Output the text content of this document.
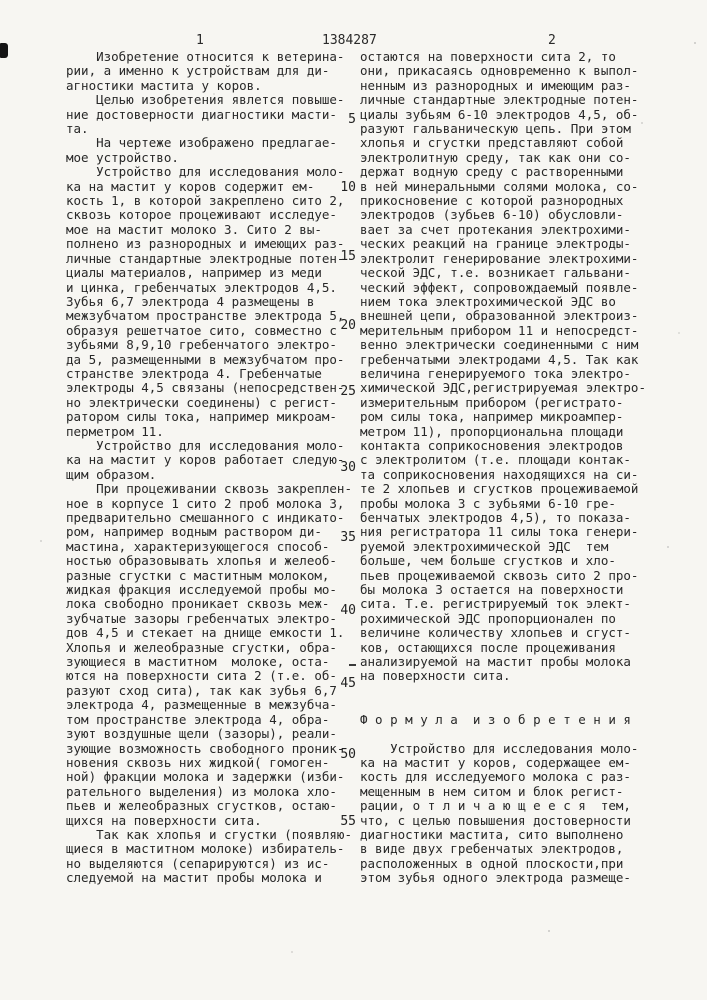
1	1384287	2
Изобретение относится к ветерина-
рии, а именно к устройствам для ди-
агностики мастита у коров.
Целью изобретения явлется повыше-
ние достоверности диагностики масти-
та.
На чертеже изображено предлагае-
мое устройство.
Устройство для исследования моло-
ка на мастит у коров содержит ем-
кость 1, в которой закреплено сито 2,
сквозь которое процеживают исследуе-
мое на мастит молоко 3. Сито 2 вы-
полнено из разнородных и имеющих раз-
личные стандартные электродные потен-
циалы материалов, например из меди
и цинка, гребенчатых электродов 4,5.
Зубья 6,7 электрода 4 размещены в
межзубчатом пространстве электрода 5,
образуя решетчатое сито, совместно с
зубьями 8,9,10 гребенчатого электро-
да 5, размещенными в межзубчатом про-
странстве электрода 4. Гребенчатые
электроды 4,5 связаны (непосредствен-
но электрически соединены) с регист-
ратором силы тока, например микроам-
перметром 11.
Устройство для исследования моло-
ка на мастит у коров работает следую-
щим образом.
При процеживании сквозь закреплен-
ное в корпусе 1 сито 2 проб молока 3,
предварительно смешанного с индикато-
ром, например водным раствором ди-
мастина, характеризующегося способ-
ностью образовывать хлопья и желеоб-
разные сгустки с маститным молоком,
жидкая фракция исследуемой пробы мо-
лока свободно проникает сквозь меж-
зубчатые зазоры гребенчатых электро-
дов 4,5 и стекает на днище емкости 1.
Хлопья и желеобразные сгустки, обра-
зующиеся в маститном  молоке, оста-
ются на поверхности сита 2 (т.е. об-
разуют сход сита), так как зубья 6,7
электрода 4, размещенные в межзубча-
том пространстве электрода 4, обра-
зуют воздушные щели (зазоры), реали-
зующие возможность свободного проник-
новения сквозь них жидкой( гомоген-
ной) фракции молока и задержки (изби-
рательного выделения) из молока хло-
пьев и желеобразных сгустков, остаю-
щихся на поверхности сита.
Так как хлопья и сгустки (появляю-
щиеся в маститном молоке) избиратель-
но выделяются (сепарируются) из ис-
следуемой на мастит пробы молока и
остаются на поверхности сита 2, то
они, прикасаясь одновременно к выпол-
ненным из разнородных и имеющим раз-
личные стандартные электродные потен-
циалы зубьям 6-10 электродов 4,5, об-
разуют гальваническую цепь. При этом
хлопья и сгустки представляют собой
электролитную среду, так как они со-
держат водную среду с растворенными
в ней минеральными солями молока, со-
прикосновение с которой разнородных
электродов (зубьев 6-10) обусловли-
вает за счет протекания электрохими-
ческих реакций на границе электроды-
электролит генерирование электрохими-
ческой ЭДС, т.е. возникает гальвани-
ческий эффект, сопровождаемый появле-
нием тока электрохимической ЭДС во
внешней цепи, образованной электроиз-
мерительным прибором 11 и непосредст-
венно электрически соединенными с ним
гребенчатыми электродами 4,5. Так как
величина генерируемого тока электро-
химической ЭДС,регистрируемая электро-
измерительным прибором (регистрато-
ром силы тока, например микроампер-
метром 11), пропорциональна площади
контакта соприкосновения электродов
с электролитом (т.е. площади контак-
та соприкосновения находящихся на си-
те 2 хлопьев и сгустков процеживаемой
пробы молока 3 с зубьями 6-10 гре-
бенчатых электродов 4,5), то показа-
ния регистратора 11 силы тока генери-
руемой электрохимической ЭДС  тем
больше, чем больше сгустков и хло-
пьев процеживаемой сквозь сито 2 про-
бы молока 3 остается на поверхности
сита. Т.е. регистрируемый ток элект-
рохимической ЭДС пропорционален по
величине количеству хлопьев и сгуст-
ков, остающихся после процеживания
анализируемой на мастит пробы молока
на поверхности сита.

Ф о р м у л а  и з о б р е т е н и я

Устройство для исследования моло-
ка на мастит у коров, содержащее ем-
кость для исследуемого молока с раз-
мещенным в нем ситом и блок регист-
рации, о т л и ч а ю щ е е с я  тем,
что, с целью повышения достоверности
диагностики мастита, сито выполнено
в виде двух гребенчатых электродов,
расположенных в одной плоскости,при
этом зубья одного электрода размеще-
5
10
15
20
25
30
35
40
45
50
55
